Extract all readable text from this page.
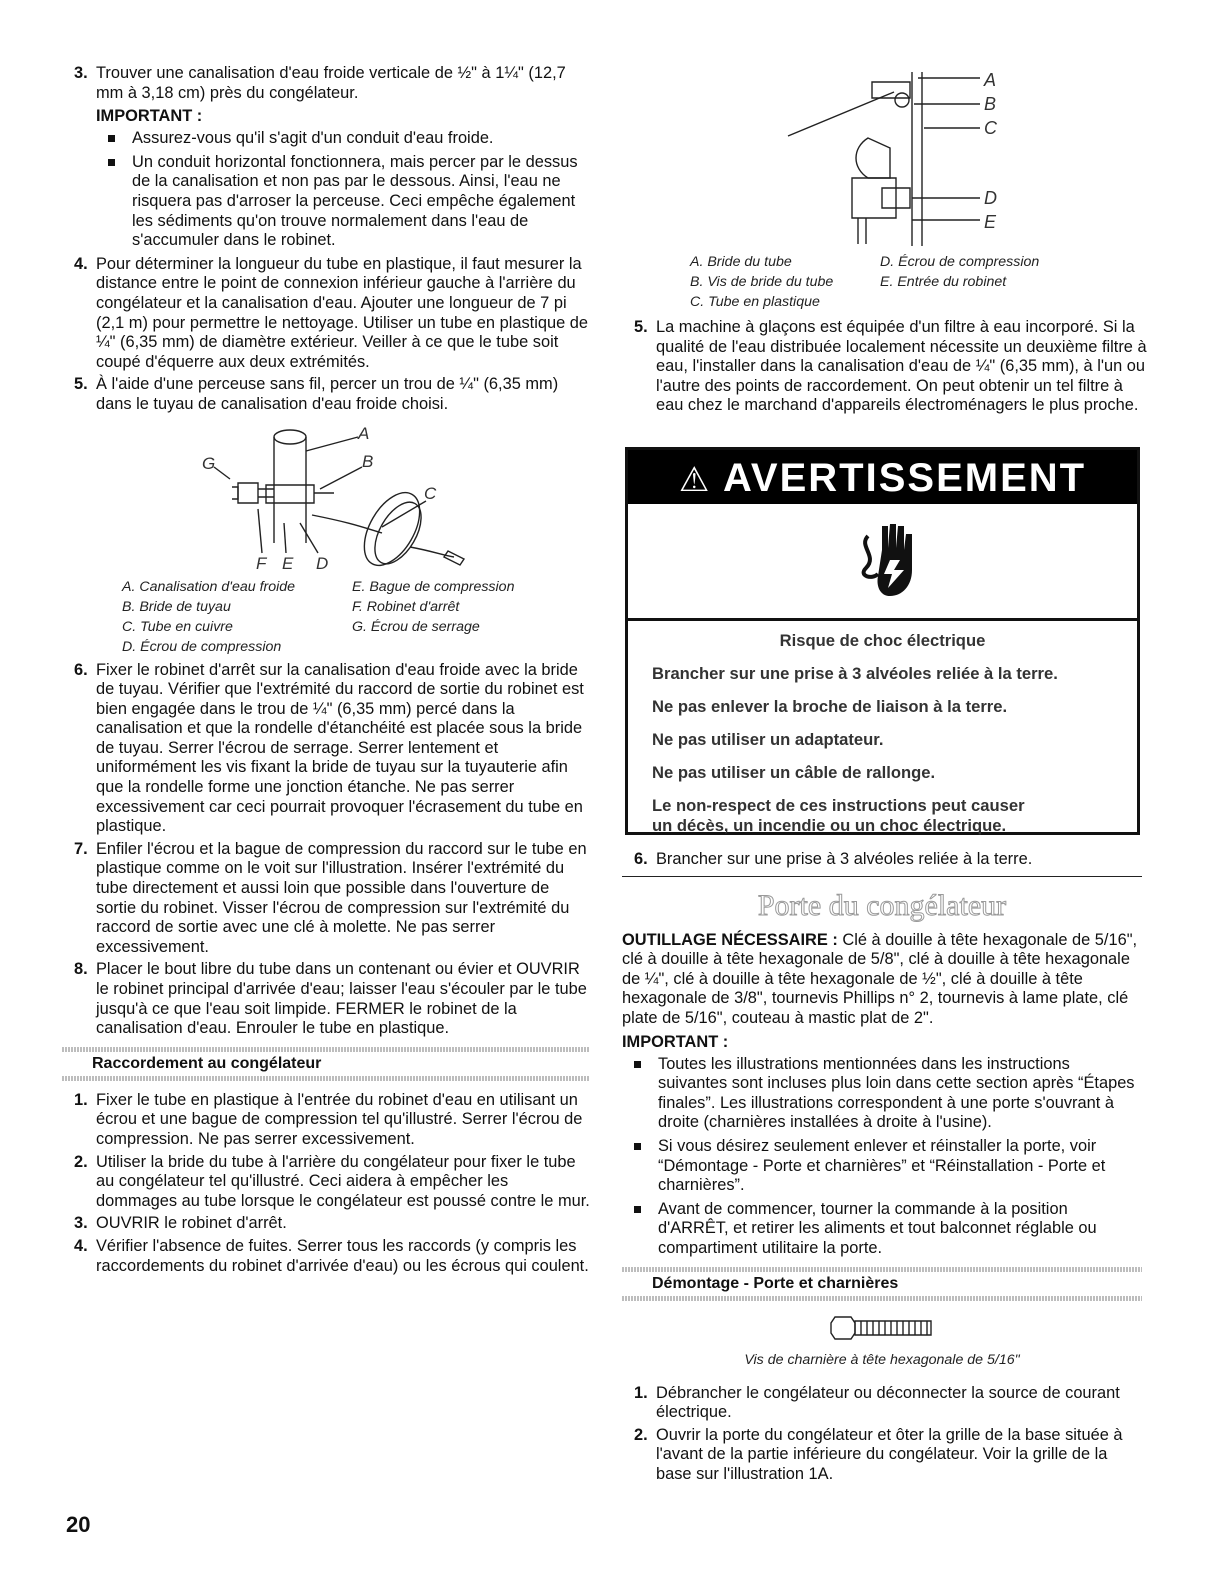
3. Trouver une canalisation d'eau froide verticale de ½" à 1¼" (12,7 mm à 3,18 cm) près du congélateur.
IMPORTANT :
Assurez-vous qu'il s'agit d'un conduit d'eau froide.
Un conduit horizontal fonctionnera, mais percer par le dessus de la canalisation et non pas par le dessous. Ainsi, l'eau ne risquera pas d'arroser la perceuse. Ceci empêche également les sédiments qu'on trouve normalement dans l'eau de s'accumuler dans le robinet.
4. Pour déterminer la longueur du tube en plastique, il faut mesurer la distance entre le point de connexion inférieur gauche à l'arrière du congélateur et la canalisation d'eau. Ajouter une longueur de 7 pi (2,1 m) pour permettre le nettoyage. Utiliser un tube en plastique de ¼" (6,35 mm) de diamètre extérieur. Veiller à ce que le tube soit coupé d'équerre aux deux extrémités.
5. À l'aide d'une perceuse sans fil, percer un trou de ¼" (6,35 mm) dans le tuyau de canalisation d'eau froide choisi.
A
B
C
D
E
F
G
A. Canalisation d'eau froide	E. Bague de compression
B. Bride de tuyau	F. Robinet d'arrêt
C. Tube en cuivre	G. Écrou de serrage
D. Écrou de compression
6. Fixer le robinet d'arrêt sur la canalisation d'eau froide avec la bride de tuyau. Vérifier que l'extrémité du raccord de sortie du robinet est bien engagée dans le trou de ¼" (6,35 mm) percé dans la canalisation et que la rondelle d'étanchéité est placée sous la bride de tuyau. Serrer l'écrou de serrage. Serrer lentement et uniformément les vis fixant la bride de tuyau sur la tuyauterie afin que la rondelle forme une jonction étanche. Ne pas serrer excessivement car ceci pourrait provoquer l'écrasement du tube en plastique.
7. Enfiler l'écrou et la bague de compression du raccord sur le tube en plastique comme on le voit sur l'illustration. Insérer l'extrémité du tube directement et aussi loin que possible dans l'ouverture de sortie du robinet. Visser l'écrou de compression sur l'extrémité du raccord de sortie avec une clé à molette. Ne pas serrer excessivement.
8. Placer le bout libre du tube dans un contenant ou évier et OUVRIR le robinet principal d'arrivée d'eau; laisser l'eau s'écouler par le tube jusqu'à ce que l'eau soit limpide. FERMER le robinet de la canalisation d'eau. Enrouler le tube en plastique.
Raccordement au congélateur
1. Fixer le tube en plastique à l'entrée du robinet d'eau en utilisant un écrou et une bague de compression tel qu'illustré. Serrer l'écrou de compression. Ne pas serrer excessivement.
2. Utiliser la bride du tube à l'arrière du congélateur pour fixer le tube au congélateur tel qu'illustré. Ceci aidera à empêcher les dommages au tube lorsque le congélateur est poussé contre le mur.
3. OUVRIR le robinet d'arrêt.
4. Vérifier l'absence de fuites. Serrer tous les raccords (y compris les raccordements du robinet d'arrivée d'eau) ou les écrous qui coulent.
A
B
C
D
E
A. Bride du tube	D. Écrou de compression
B. Vis de bride du tube	E. Entrée du robinet
C. Tube en plastique
5. La machine à glaçons est équipée d'un filtre à eau incorporé. Si la qualité de l'eau distribuée localement nécessite un deuxième filtre à eau, l'installer dans la canalisation d'eau de ¼" (6,35 mm), à l'un ou l'autre des points de raccordement. On peut obtenir un tel filtre à eau chez le marchand d'appareils électroménagers le plus proche.
⚠ AVERTISSEMENT
Risque de choc électrique
Brancher sur une prise à 3 alvéoles reliée à la terre.
Ne pas enlever la broche de liaison à la terre.
Ne pas utiliser un adaptateur.
Ne pas utiliser un câble de rallonge.
Le non-respect de ces instructions peut causer
un décès, un incendie ou un choc électrique.
6. Brancher sur une prise à 3 alvéoles reliée à la terre.
Porte du congélateur
OUTILLAGE NÉCESSAIRE : Clé à douille à tête hexagonale de 5/16", clé à douille à tête hexagonale de 5/8", clé à douille à tête hexagonale de ¼", clé à douille à tête hexagonale de ½", clé à douille à tête hexagonale de 3/8", tournevis Phillips n° 2, tournevis à lame plate, clé plate de 5/16", couteau à mastic plat de 2".
IMPORTANT :
Toutes les illustrations mentionnées dans les instructions suivantes sont incluses plus loin dans cette section après “Étapes finales”. Les illustrations correspondent à une porte s'ouvrant à droite (charnières installées à droite à l'usine).
Si vous désirez seulement enlever et réinstaller la porte, voir “Démontage - Porte et charnières” et “Réinstallation - Porte et charnières”.
Avant de commencer, tourner la commande à la position d'ARRÊT, et retirer les aliments et tout balconnet réglable ou compartiment utilitaire la porte.
Démontage - Porte et charnières
Vis de charnière à tête hexagonale de 5/16"
1. Débrancher le congélateur ou déconnecter la source de courant électrique.
2. Ouvrir la porte du congélateur et ôter la grille de la base située à l'avant de la partie inférieure du congélateur. Voir la grille de la base sur l'illustration 1A.
20
